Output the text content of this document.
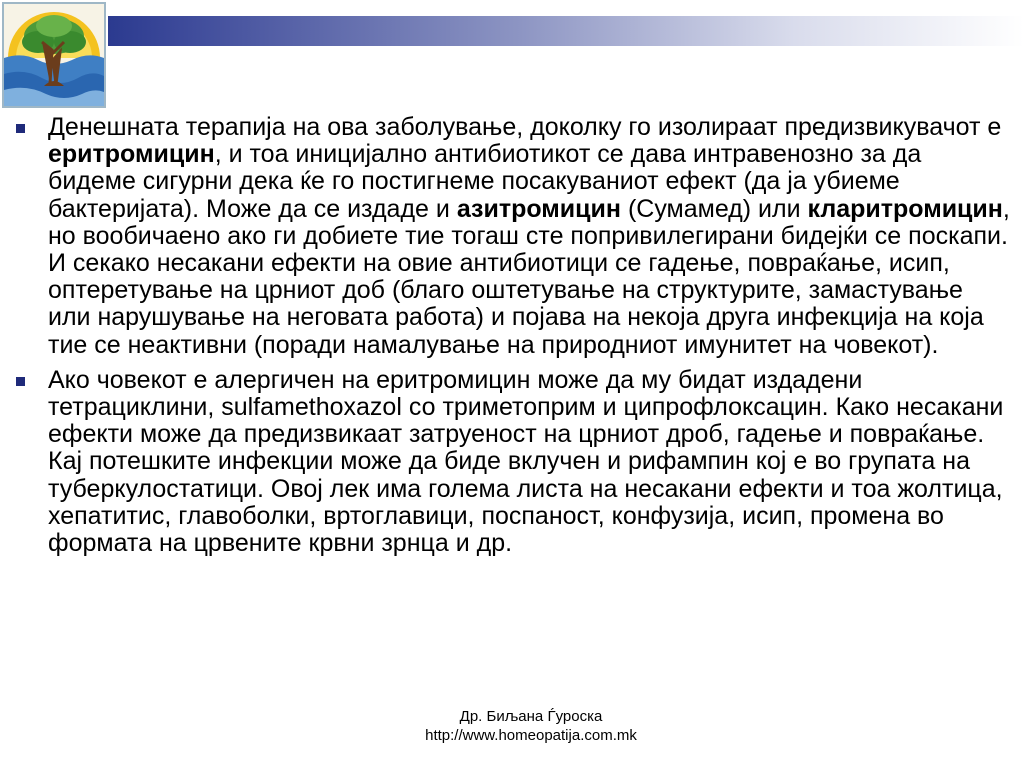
Денешната терапија на ова заболување, доколку го изолираат предизвикувачот е еритромицин, и тоа иницијално антибиотикот се дава интравенозно за да бидеме сигурни дека ќе го постигнеме посакуваниот ефект (да ја убиеме бактеријата). Може да се издаде и азитромицин (Сумамед) или кларитромицин, но вообичаено ако ги добиете тие тогаш сте попривилегирани бидејќи се поскапи. И секако несакани ефекти на овие антибиотици се гадење, повраќање, исип, оптеретување на црниот доб (благо оштетување на структурите, замастување или нарушување на неговата работа) и појава на некоја друга инфекција на која тие се неактивни (поради намалување на природниот имунитет на човекот).
Ако човекот е алергичен на еритромицин може да му бидат издадени тетрациклини, sulfamethoxazol со триметоприм и ципрофлоксацин. Како несакани ефекти може да предизвикаат затруеност на црниот дроб, гадење и повраќање. Кај потешките инфекции може да биде вклучен и рифампин кој е во групата на туберкулостатици. Овој лек има голема листа на несакани ефекти и тоа жолтица, хепатитис, главоболки, вртоглавици, поспаност, конфузија, исип, промена во формата на црвените крвни зрнца и др.
Др. Биљана Ѓуроска
http://www.homeopatija.com.mk
